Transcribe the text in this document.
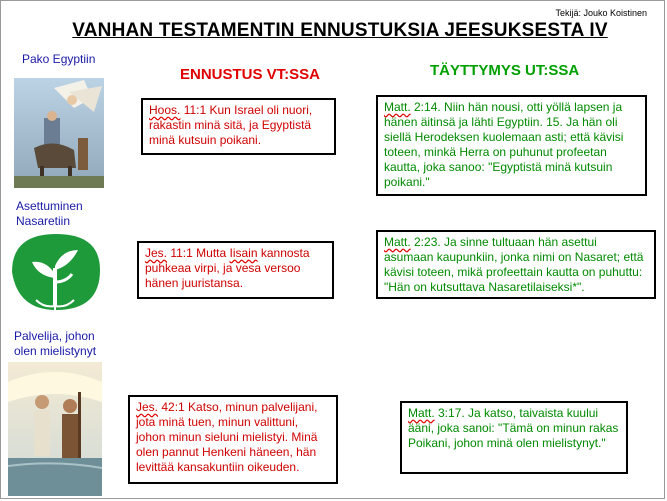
Tekijä: Jouko Koistinen
VANHAN TESTAMENTIN ENNUSTUKSIA JEESUKSESTA IV
ENNUSTUS VT:SSA	TÄYTTYMYS UT:SSA
Pako Egyptiin
Hoos. 11:1 Kun Israel oli nuori, rakastin minä sitä, ja Egyptistä minä kutsuin poikani.
Matt. 2:14. Niin hän nousi, otti yöllä lapsen ja hänen äitinsä ja lähti Egyptiin. 15. Ja hän oli siellä Herodeksen kuolemaan asti; että kävisi toteen, minkä Herra on puhunut profeetan kautta, joka sanoo: "Egyptistä minä kutsuin poikani."
Asettuminen Nasaretiin
Jes. 11:1 Mutta Iisain kannosta puhkeaa virpi, ja vesa versoo hänen juuristansa.
Matt. 2:23. Ja sinne tultuaan hän asettui asumaan kaupunkiin, jonka nimi on Nasaret; että kävisi toteen, mikä profeettain kautta on puhuttu: "Hän on kutsuttava Nasaretilaiseksi*".
Palvelija, johon olen mielistynyt
Jes. 42:1 Katso, minun palvelijani, jota minä tuen, minun valittuni, johon minun sieluni mielistyi. Minä olen pannut Henkeni häneen, hän levittää kansakuntiin oikeuden.
Matt. 3:17. Ja katso, taivaista kuului ääni, joka sanoi: "Tämä on minun rakas Poikani, johon minä olen mielistynyt."
